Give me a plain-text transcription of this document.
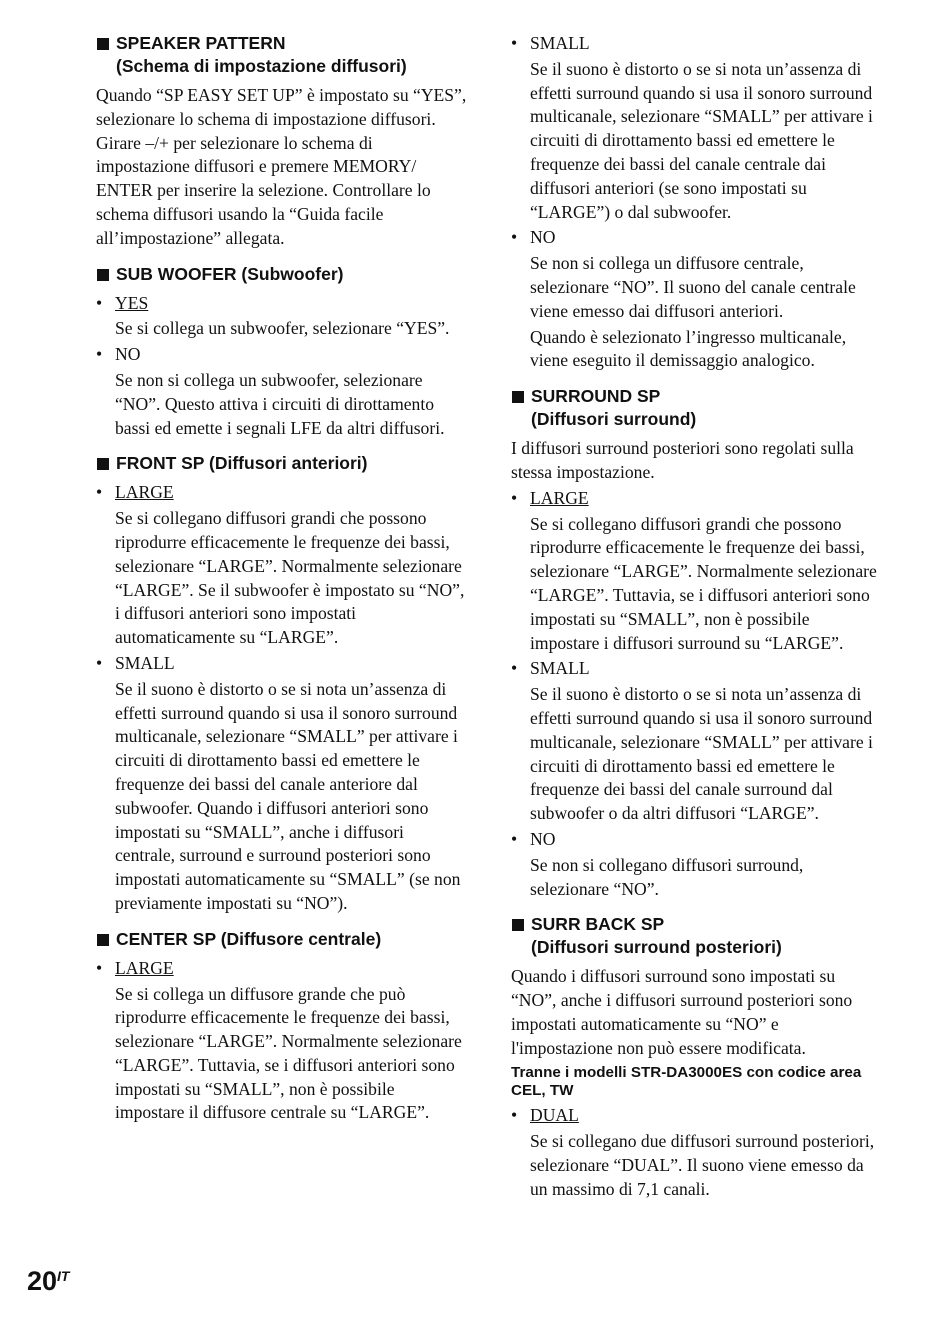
SPEAKER PATTERN
(Schema di impostazione diffusori)

Quando “SP EASY SET UP” è impostato su “YES”, selezionare lo schema di impostazione diffusori. Girare –/+ per selezionare lo schema di impostazione diffusori e premere MEMORY/ ENTER per inserire la selezione. Controllare lo schema diffusori usando la “Guida facile all’impostazione” allegata.

SUB WOOFER (Subwoofer)
• YES

Se si collega un subwoofer, selezionare “YES”.

• NO

Se non si collega un subwoofer, selezionare “NO”. Questo attiva i circuiti di dirottamento bassi ed emette i segnali LFE da altri diffusori.

FRONT SP (Diffusori anteriori)
• LARGE

Se si collegano diffusori grandi che possono riprodurre efficacemente le frequenze dei bassi, selezionare “LARGE”. Normalmente selezionare “LARGE”. Se il subwoofer è impostato su “NO”, i diffusori anteriori sono impostati automaticamente su “LARGE”.

• SMALL

Se il suono è distorto o se si nota un’assenza di effetti surround quando si usa il sonoro surround multicanale, selezionare “SMALL” per attivare i circuiti di dirottamento bassi ed emettere le frequenze dei bassi del canale anteriore dal subwoofer. Quando i diffusori anteriori sono impostati su “SMALL”, anche i diffusori centrale, surround e surround posteriori sono impostati automaticamente su “SMALL” (se non previamente impostati su “NO”).

CENTER SP (Diffusore centrale)
• LARGE

Se si collega un diffusore grande che può riprodurre efficacemente le frequenze dei bassi, selezionare “LARGE”. Normalmente selezionare “LARGE”. Tuttavia, se i diffusori anteriori sono impostati su “SMALL”, non è possibile impostare il diffusore centrale su “LARGE”.

• SMALL

Se il suono è distorto o se si nota un’assenza di effetti surround quando si usa il sonoro surround multicanale, selezionare “SMALL” per attivare i circuiti di dirottamento bassi ed emettere le frequenze dei bassi del canale centrale dai diffusori anteriori (se sono impostati su “LARGE”) o dal subwoofer.

• NO

Se non si collega un diffusore centrale, selezionare “NO”. Il suono del canale centrale viene emesso dai diffusori anteriori.

Quando è selezionato l’ingresso multicanale, viene eseguito il demissaggio analogico.

SURROUND SP
(Diffusori surround)

I diffusori surround posteriori sono regolati sulla stessa impostazione.

• LARGE

Se si collegano diffusori grandi che possono riprodurre efficacemente le frequenze dei bassi, selezionare “LARGE”. Normalmente selezionare “LARGE”. Tuttavia, se i diffusori anteriori sono impostati su “SMALL”, non è possibile impostare i diffusori surround su “LARGE”.

• SMALL

Se il suono è distorto o se si nota un’assenza di effetti surround quando si usa il sonoro surround multicanale, selezionare “SMALL” per attivare i circuiti di dirottamento bassi ed emettere le frequenze dei bassi del canale surround dal subwoofer o da altri diffusori “LARGE”.

• NO

Se non si collegano diffusori surround, selezionare “NO”.

SURR BACK SP
(Diffusori surround posteriori)

Quando i diffusori surround sono impostati su “NO”, anche i diffusori surround posteriori sono impostati automaticamente su “NO” e l'impostazione non può essere modificata.

Tranne i modelli STR-DA3000ES con codice area CEL, TW
• DUAL

Se si collegano due diffusori surround posteriori, selezionare “DUAL”. Il suono viene emesso da un massimo di 7,1 canali.

$20^{IT}$
